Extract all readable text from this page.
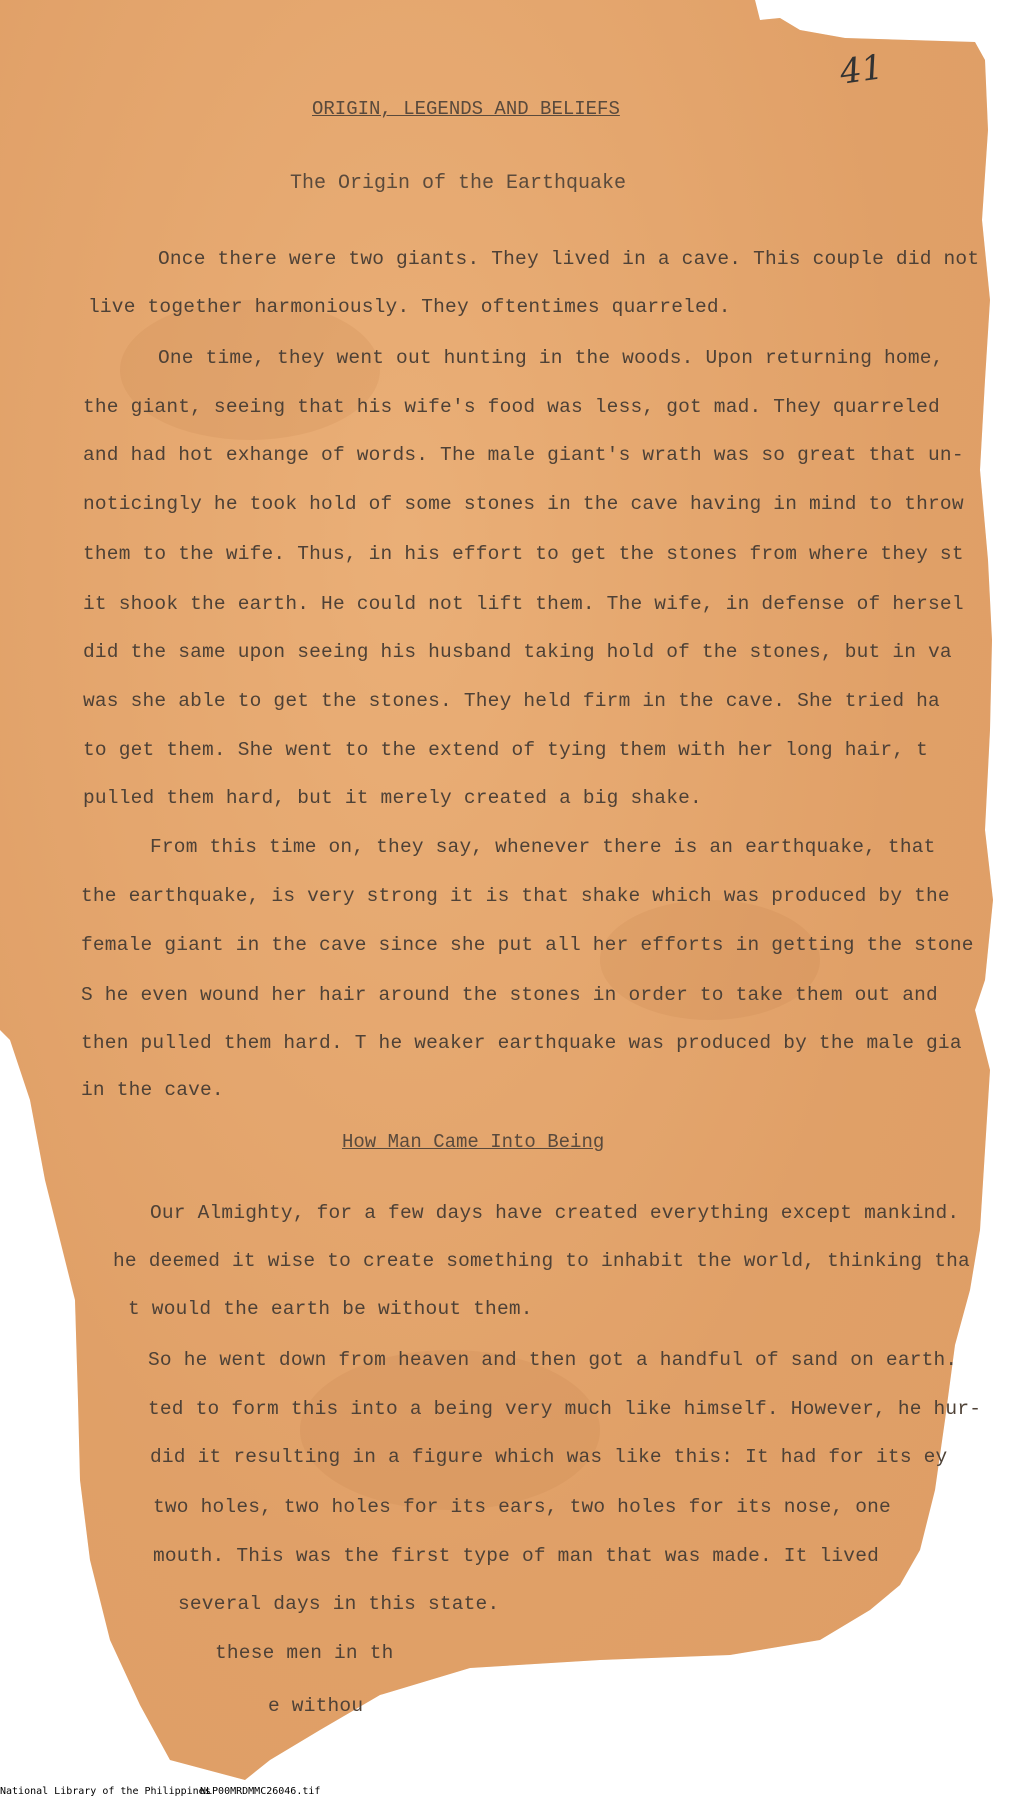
41
ORIGIN, LEGENDS AND BELIEFS
The Origin of the Earthquake
Once there were two giants. They lived in a cave. This couple did not
live together harmoniously. They oftentimes quarreled.
One time, they went out hunting in the woods. Upon returning home,
the giant, seeing that his wife's food was less, got mad. They quarreled
and had hot exhange of words. The male giant's wrath was so great that un-
noticingly he took hold of some stones in the cave having in mind to throw
them to the wife. Thus, in his effort to get the stones from where they st
it shook the earth. He could not lift them. The wife, in defense of hersel
did the same upon seeing his husband taking hold of the stones, but in va
was she able to get the stones. They held firm in the cave. She tried ha
to get them. She went to the extend of tying them with her long hair, t
pulled them hard, but it merely created a big shake.
From this time on, they say, whenever there is an earthquake, that
the earthquake, is very strong it is that shake which was produced by the
female giant in the cave since she put all her efforts in getting the stone
S he even wound her hair around the stones in order to take them out and
then pulled them hard. T he weaker earthquake was produced by the male gia
in the cave.
How Man Came Into Being
Our Almighty, for a few days have created everything except mankind.
he deemed it wise to create something to inhabit the world, thinking tha
t would the earth be without them.
So he went down from heaven and then got a handful of sand on earth.
ted to form this into a being very much like himself. However, he hur-
did it resulting in a figure which was like this: It had for its ey
two holes, two holes for its ears, two holes for its nose, one
mouth. This was the first type of man that was made. It lived
several days in this state.
these men in th
e withou
National Library of the Philippines
NLP00MRDMMC26046.tif
